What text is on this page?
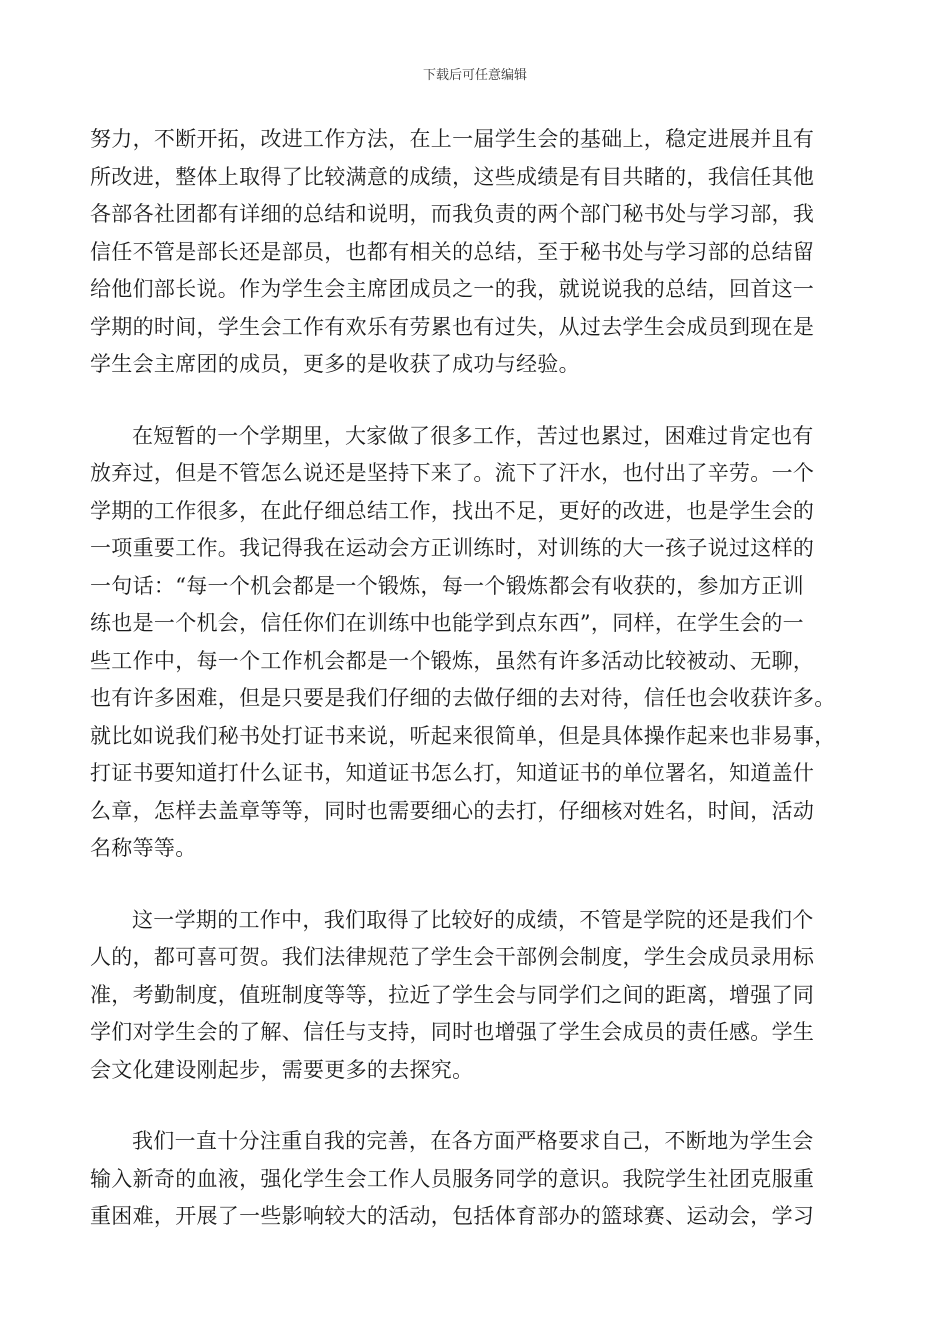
下载后可任意编辑

努力，不断开拓，改进工作方法，在上一届学生会的基础上，稳定进展并且有

所改进，整体上取得了比较满意的成绩，这些成绩是有目共睹的，我信任其他

各部各社团都有详细的总结和说明，而我负责的两个部门秘书处与学习部，我

信任不管是部长还是部员，也都有相关的总结，至于秘书处与学习部的总结留

给他们部长说。作为学生会主席团成员之一的我，就说说我的总结，回首这一

学期的时间，学生会工作有欢乐有劳累也有过失，从过去学生会成员到现在是

学生会主席团的成员，更多的是收获了成功与经验。

在短暂的一个学期里，大家做了很多工作，苦过也累过，困难过肯定也有

放弃过，但是不管怎么说还是坚持下来了。流下了汗水，也付出了辛劳。一个

学期的工作很多，在此仔细总结工作，找出不足，更好的改进，也是学生会的

一项重要工作。我记得我在运动会方正训练时，对训练的大一孩子说过这样的

一句话：“每一个机会都是一个锻炼，每一个锻炼都会有收获的，参加方正训

练也是一个机会，信任你们在训练中也能学到点东西”，同样，在学生会的一

些工作中，每一个工作机会都是一个锻炼，虽然有许多活动比较被动、无聊，

也有许多困难，但是只要是我们仔细的去做仔细的去对待，信任也会收获许多。

就比如说我们秘书处打证书来说，听起来很简单，但是具体操作起来也非易事，

打证书要知道打什么证书，知道证书怎么打，知道证书的单位署名，知道盖什

么章，怎样去盖章等等，同时也需要细心的去打，仔细核对姓名，时间，活动

名称等等。

这一学期的工作中，我们取得了比较好的成绩，不管是学院的还是我们个

人的，都可喜可贺。我们法律规范了学生会干部例会制度，学生会成员录用标

准，考勤制度，值班制度等等，拉近了学生会与同学们之间的距离，增强了同

学们对学生会的了解、信任与支持，同时也增强了学生会成员的责任感。学生

会文化建设刚起步，需要更多的去探究。

我们一直十分注重自我的完善，在各方面严格要求自己，不断地为学生会

输入新奇的血液，强化学生会工作人员服务同学的意识。我院学生社团克服重

重困难，开展了一些影响较大的活动，包括体育部办的篮球赛、运动会，学习
